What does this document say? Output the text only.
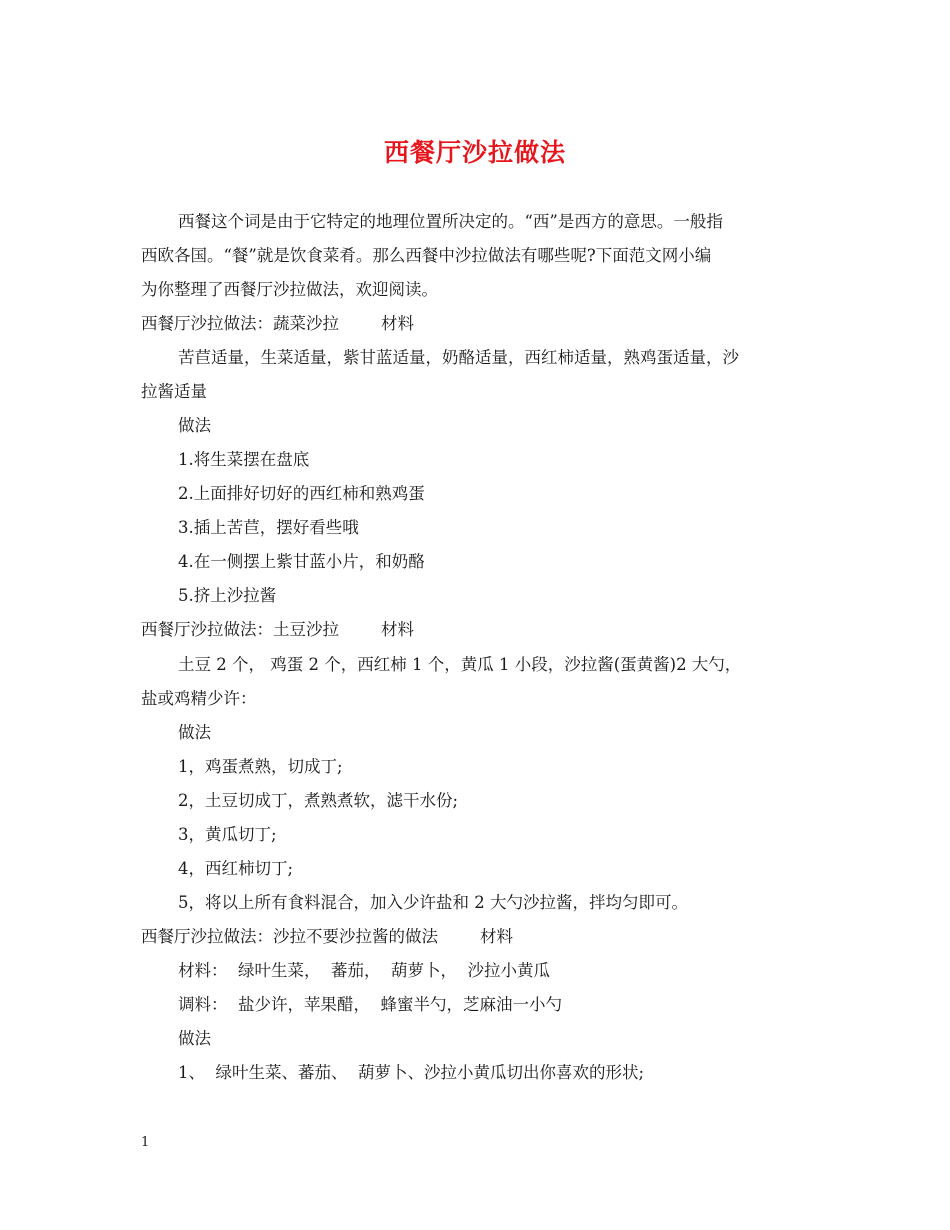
西餐厅沙拉做法
西餐这个词是由于它特定的地理位置所决定的。“西”是西方的意思。一般指
西欧各国。“餐”就是饮食菜肴。那么西餐中沙拉做法有哪些呢?下面范文网小编
为你整理了西餐厅沙拉做法，欢迎阅读。
西餐厅沙拉做法：蔬菜沙拉        材料
苦苣适量，生菜适量，紫甘蓝适量，奶酪适量，西红柿适量，熟鸡蛋适量，沙
拉酱适量
做法
1.将生菜摆在盘底
2.上面排好切好的西红柿和熟鸡蛋
3.插上苦苣，摆好看些哦
4.在一侧摆上紫甘蓝小片，和奶酪
5.挤上沙拉酱
西餐厅沙拉做法：土豆沙拉        材料
土豆 2 个， 鸡蛋 2 个，西红柿 1 个，黄瓜 1 小段，沙拉酱(蛋黄酱)2 大勺，
盐或鸡精少许：
做法
1，鸡蛋煮熟，切成丁;
2，土豆切成丁，煮熟煮软，滤干水份;
3，黄瓜切丁;
4，西红柿切丁;
5，将以上所有食料混合，加入少许盐和 2 大勺沙拉酱，拌均匀即可。
西餐厅沙拉做法：沙拉不要沙拉酱的做法        材料
材料：  绿叶生菜，  蕃茄，  葫萝卜，  沙拉小黄瓜
调料：  盐少许，苹果醋，  蜂蜜半勺，芝麻油一小勺
做法
1、  绿叶生菜、蕃茄、  葫萝卜、沙拉小黄瓜切出你喜欢的形状;
1
